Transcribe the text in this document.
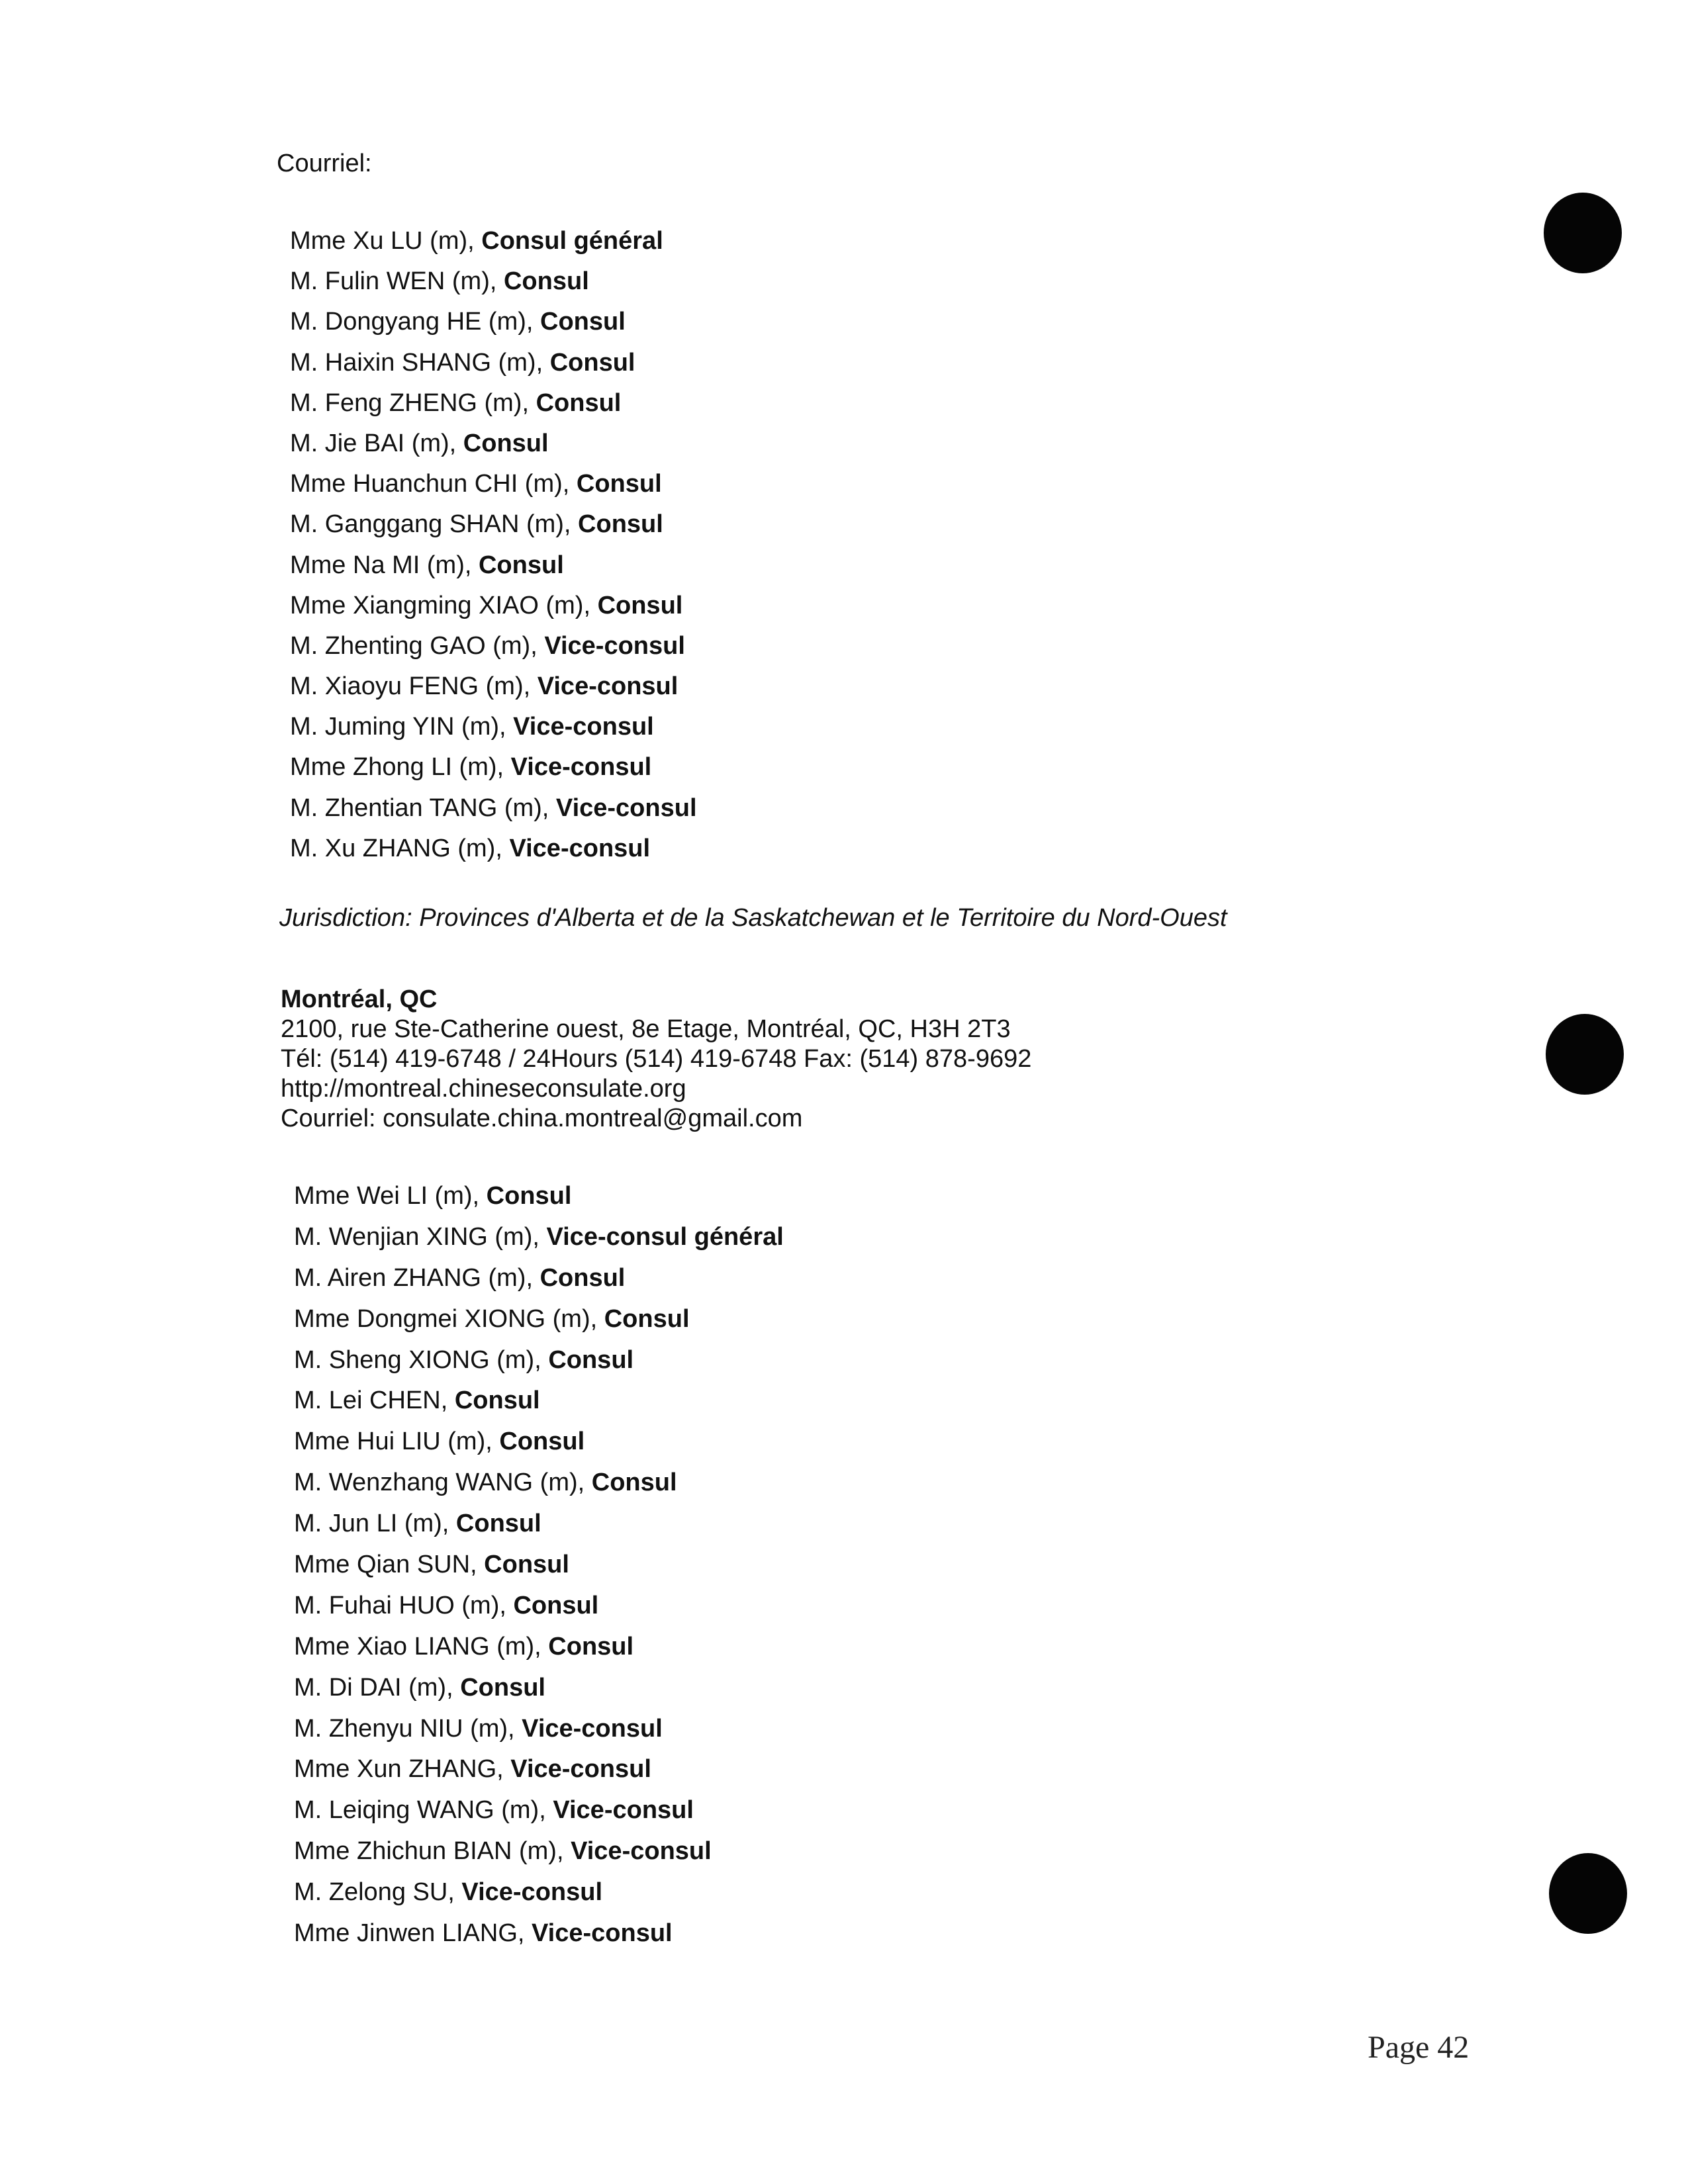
Courriel:
Mme Xu LU (m), Consul général
M. Fulin WEN (m), Consul
M. Dongyang HE (m), Consul
M. Haixin SHANG (m), Consul
M. Feng ZHENG (m), Consul
M. Jie BAI (m), Consul
Mme Huanchun CHI (m), Consul
M. Ganggang SHAN (m), Consul
Mme Na MI (m), Consul
Mme Xiangming XIAO (m), Consul
M. Zhenting GAO (m), Vice-consul
M. Xiaoyu FENG (m), Vice-consul
M. Juming YIN (m), Vice-consul
Mme Zhong LI (m), Vice-consul
M. Zhentian TANG (m), Vice-consul
M. Xu ZHANG (m), Vice-consul
Jurisdiction: Provinces d'Alberta et de la Saskatchewan et le Territoire du Nord-Ouest
Montréal, QC
2100, rue Ste-Catherine ouest, 8e Etage, Montréal, QC, H3H 2T3
Tél: (514) 419-6748 / 24Hours (514) 419-6748 Fax: (514) 878-9692
http://montreal.chineseconsulate.org
Courriel: consulate.china.montreal@gmail.com
Mme Wei LI (m), Consul
M. Wenjian XING (m), Vice-consul général
M. Airen ZHANG (m), Consul
Mme Dongmei XIONG (m), Consul
M. Sheng XIONG (m), Consul
M. Lei CHEN, Consul
Mme Hui LIU (m), Consul
M. Wenzhang WANG (m), Consul
M. Jun LI (m), Consul
Mme Qian SUN, Consul
M. Fuhai HUO (m), Consul
Mme Xiao LIANG (m), Consul
M. Di DAI (m), Consul
M. Zhenyu NIU (m), Vice-consul
Mme Xun ZHANG, Vice-consul
M. Leiqing WANG (m), Vice-consul
Mme Zhichun BIAN (m), Vice-consul
M. Zelong SU, Vice-consul
Mme Jinwen LIANG, Vice-consul
Page 42
